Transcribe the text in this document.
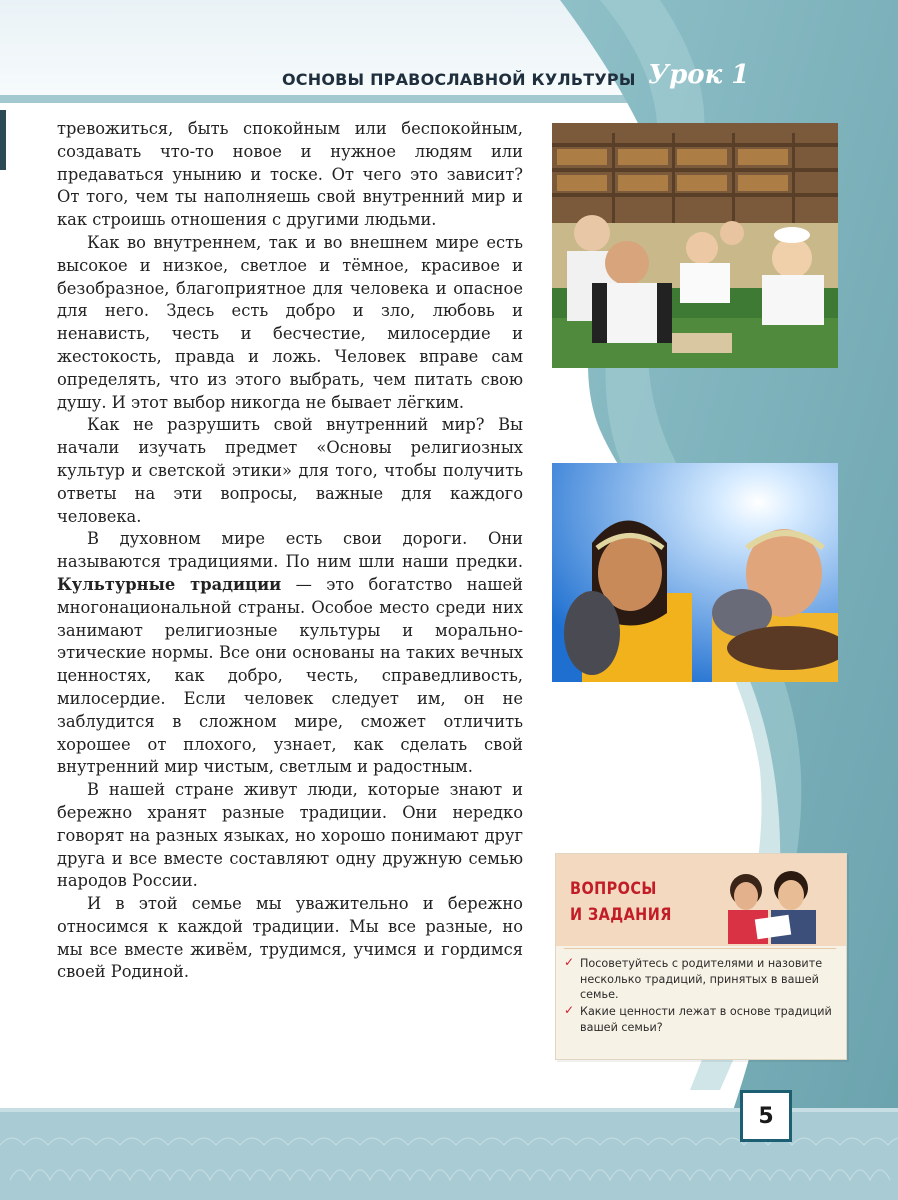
ОСНОВЫ ПРАВОСЛАВНОЙ КУЛЬТУРЫ Урок 1

тревожиться, быть спокойным или беспокойным, создавать что-то новое и нужное людям или предаваться унынию и тоске. От чего это зависит? От того, чем ты наполняешь свой внутренний мир и как строишь отношения с другими людьми.

Как во внутреннем, так и во внешнем мире есть высокое и низкое, светлое и тёмное, красивое и безобразное, благоприятное для человека и опасное для него. Здесь есть добро и зло, любовь и ненависть, честь и бесчестие, милосердие и жестокость, правда и ложь. Человек вправе сам определять, что из этого выбрать, чем питать свою душу. И этот выбор никогда не бывает лёгким.

Как не разрушить свой внутренний мир? Вы начали изучать предмет «Основы религиозных культур и светской этики» для того, чтобы получить ответы на эти вопросы, важные для каждого человека.

В духовном мире есть свои дороги. Они называются традициями. По ним шли наши предки. Культурные традиции — это богатство нашей многонациональной страны. Особое место среди них занимают религиозные культуры и морально-этические нормы. Все они основаны на таких вечных ценностях, как добро, честь, справедливость, милосердие. Если человек следует им, он не заблудится в сложном мире, сможет отличить хорошее от плохого, узнает, как сделать свой внутренний мир чистым, светлым и радостным.

В нашей стране живут люди, которые знают и бережно хранят разные традиции. Они нередко говорят на разных языках, но хорошо понимают друг друга и все вместе составляют одну дружную семью народов России.

И в этой семье мы уважительно и бережно относимся к каждой традиции. Мы все разные, но мы все вместе живём, трудимся, учимся и гордимся своей Родиной.

ВОПРОСЫ
И ЗАДАНИЯ
✓ Посоветуйтесь с родителями и назовите несколько традиций, принятых в вашей семье.
✓ Какие ценности лежат в основе традиций вашей семьи?
5
